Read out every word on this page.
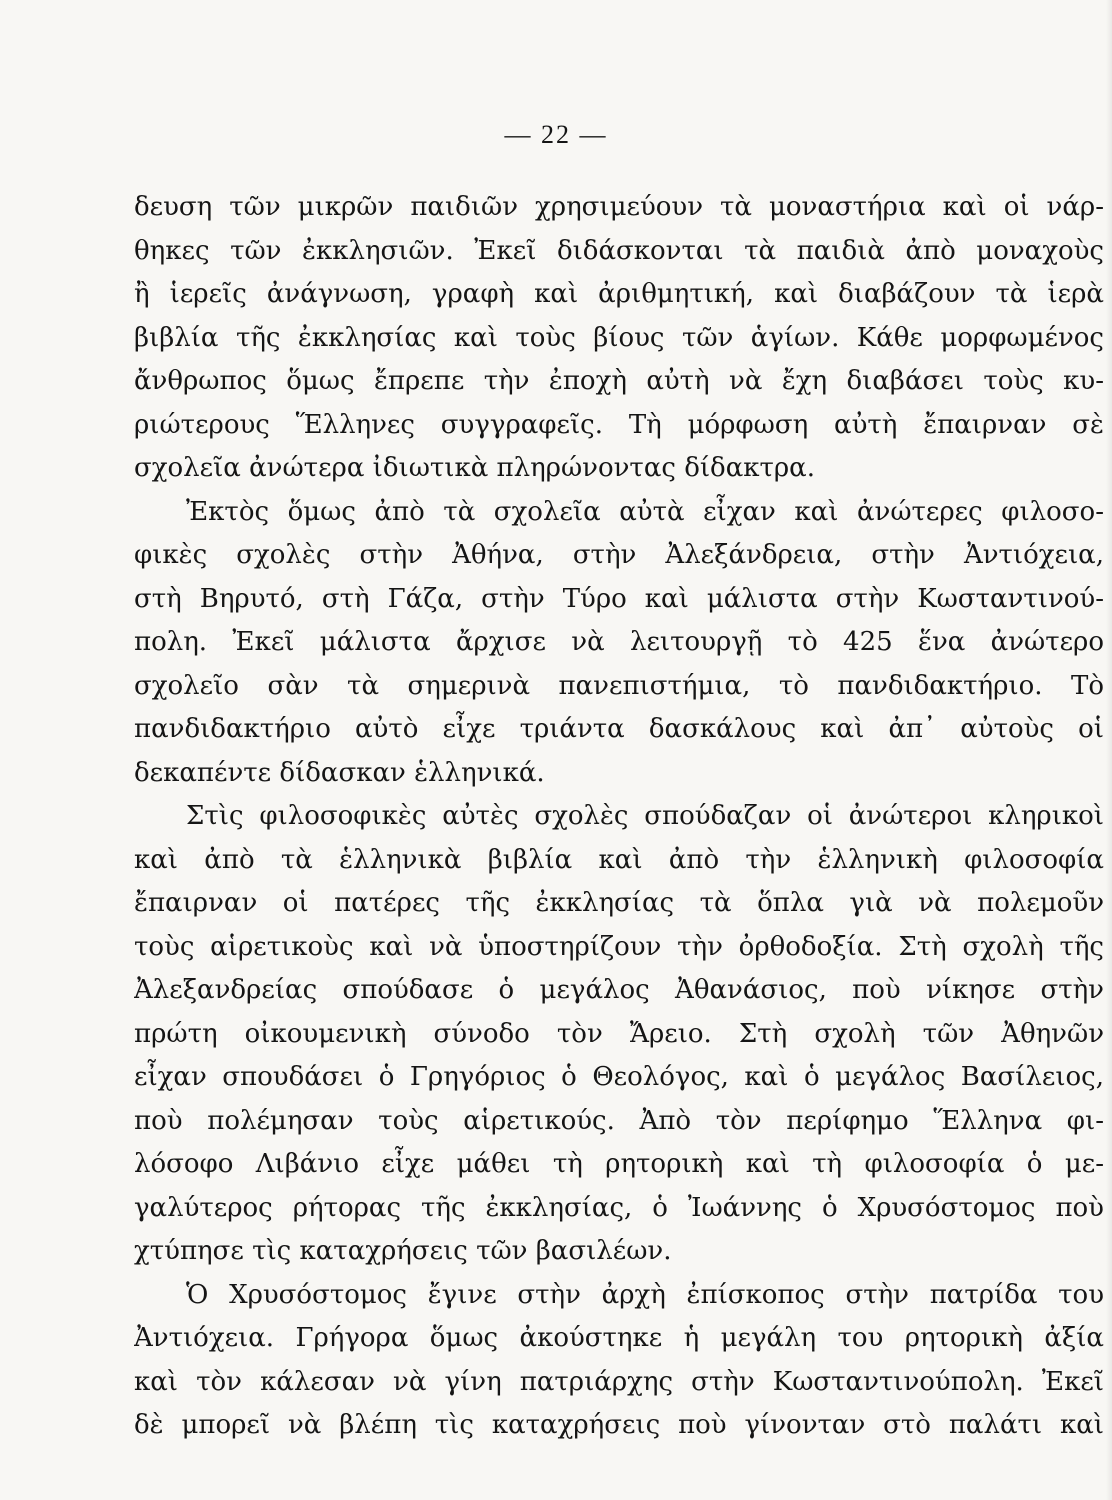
— 22 —
δευση τῶν μικρῶν παιδιῶν χρησιμεύουν τὰ μοναστήρια καὶ οἱ νάρ-
θηκες τῶν ἐκκλησιῶν. Ἐκεῖ διδάσκονται τὰ παιδιὰ ἀπὸ μοναχοὺς
ἢ ἱερεῖς ἀνάγνωση, γραφὴ καὶ ἀριθμητική, καὶ διαβάζουν τὰ ἱερὰ
βιβλία τῆς ἐκκλησίας καὶ τοὺς βίους τῶν ἁγίων. Κάθε μορφωμένος
ἄνθρωπος ὅμως ἔπρεπε τὴν ἐποχὴ αὐτὴ νὰ ἔχη διαβάσει τοὺς κυ-
ριώτερους Ἕλληνες συγγραφεῖς. Τὴ μόρφωση αὐτὴ ἔπαιρναν σὲ
σχολεῖα ἀνώτερα ἰδιωτικὰ πληρώνοντας δίδακτρα.
Ἐκτὸς ὅμως ἀπὸ τὰ σχολεῖα αὐτὰ εἶχαν καὶ ἀνώτερες φιλοσο-
φικὲς σχολὲς στὴν Ἀθήνα, στὴν Ἀλεξάνδρεια, στὴν Ἀντιόχεια,
στὴ Βηρυτό, στὴ Γάζα, στὴν Τύρο καὶ μάλιστα στὴν Κωσταντινού-
πολη. Ἐκεῖ μάλιστα ἄρχισε νὰ λειτουργῇ τὸ 425 ἕνα ἀνώτερο
σχολεῖο σὰν τὰ σημερινὰ πανεπιστήμια, τὸ πανδιδακτήριο. Τὸ
πανδιδακτήριο αὐτὸ εἶχε τριάντα δασκάλους καὶ ἀπ᾽ αὐτοὺς οἱ
δεκαπέντε δίδασκαν ἑλληνικά.
Στὶς φιλοσοφικὲς αὐτὲς σχολὲς σπούδαζαν οἱ ἀνώτεροι κληρικοὶ
καὶ ἀπὸ τὰ ἑλληνικὰ βιβλία καὶ ἀπὸ τὴν ἑλληνικὴ φιλοσοφία
ἔπαιρναν οἱ πατέρες τῆς ἐκκλησίας τὰ ὅπλα γιὰ νὰ πολεμοῦν
τοὺς αἱρετικοὺς καὶ νὰ ὑποστηρίζουν τὴν ὀρθοδοξία. Στὴ σχολὴ τῆς
Ἀλεξανδρείας σπούδασε ὁ μεγάλος Ἀθανάσιος, ποὺ νίκησε στὴν
πρώτη οἰκουμενικὴ σύνοδο τὸν Ἄρειο. Στὴ σχολὴ τῶν Ἀθηνῶν
εἶχαν σπουδάσει ὁ Γρηγόριος ὁ Θεολόγος, καὶ ὁ μεγάλος Βασίλειος,
ποὺ πολέμησαν τοὺς αἱρετικούς. Ἀπὸ τὸν περίφημο Ἕλληνα φι-
λόσοφο Λιβάνιο εἶχε μάθει τὴ ρητορικὴ καὶ τὴ φιλοσοφία ὁ με-
γαλύτερος ρήτορας τῆς ἐκκλησίας, ὁ Ἰωάννης ὁ Χρυσόστομος ποὺ
χτύπησε τὶς καταχρήσεις τῶν βασιλέων.
Ὁ Χρυσόστομος ἔγινε στὴν ἀρχὴ ἐπίσκοπος στὴν πατρίδα του
Ἀντιόχεια. Γρήγορα ὅμως ἀκούστηκε ἡ μεγάλη του ρητορικὴ ἀξία
καὶ τὸν κάλεσαν νὰ γίνη πατριάρχης στὴν Κωσταντινούπολη. Ἐκεῖ
δὲ μπορεῖ νὰ βλέπη τὶς καταχρήσεις ποὺ γίνονταν στὸ παλάτι καὶ
